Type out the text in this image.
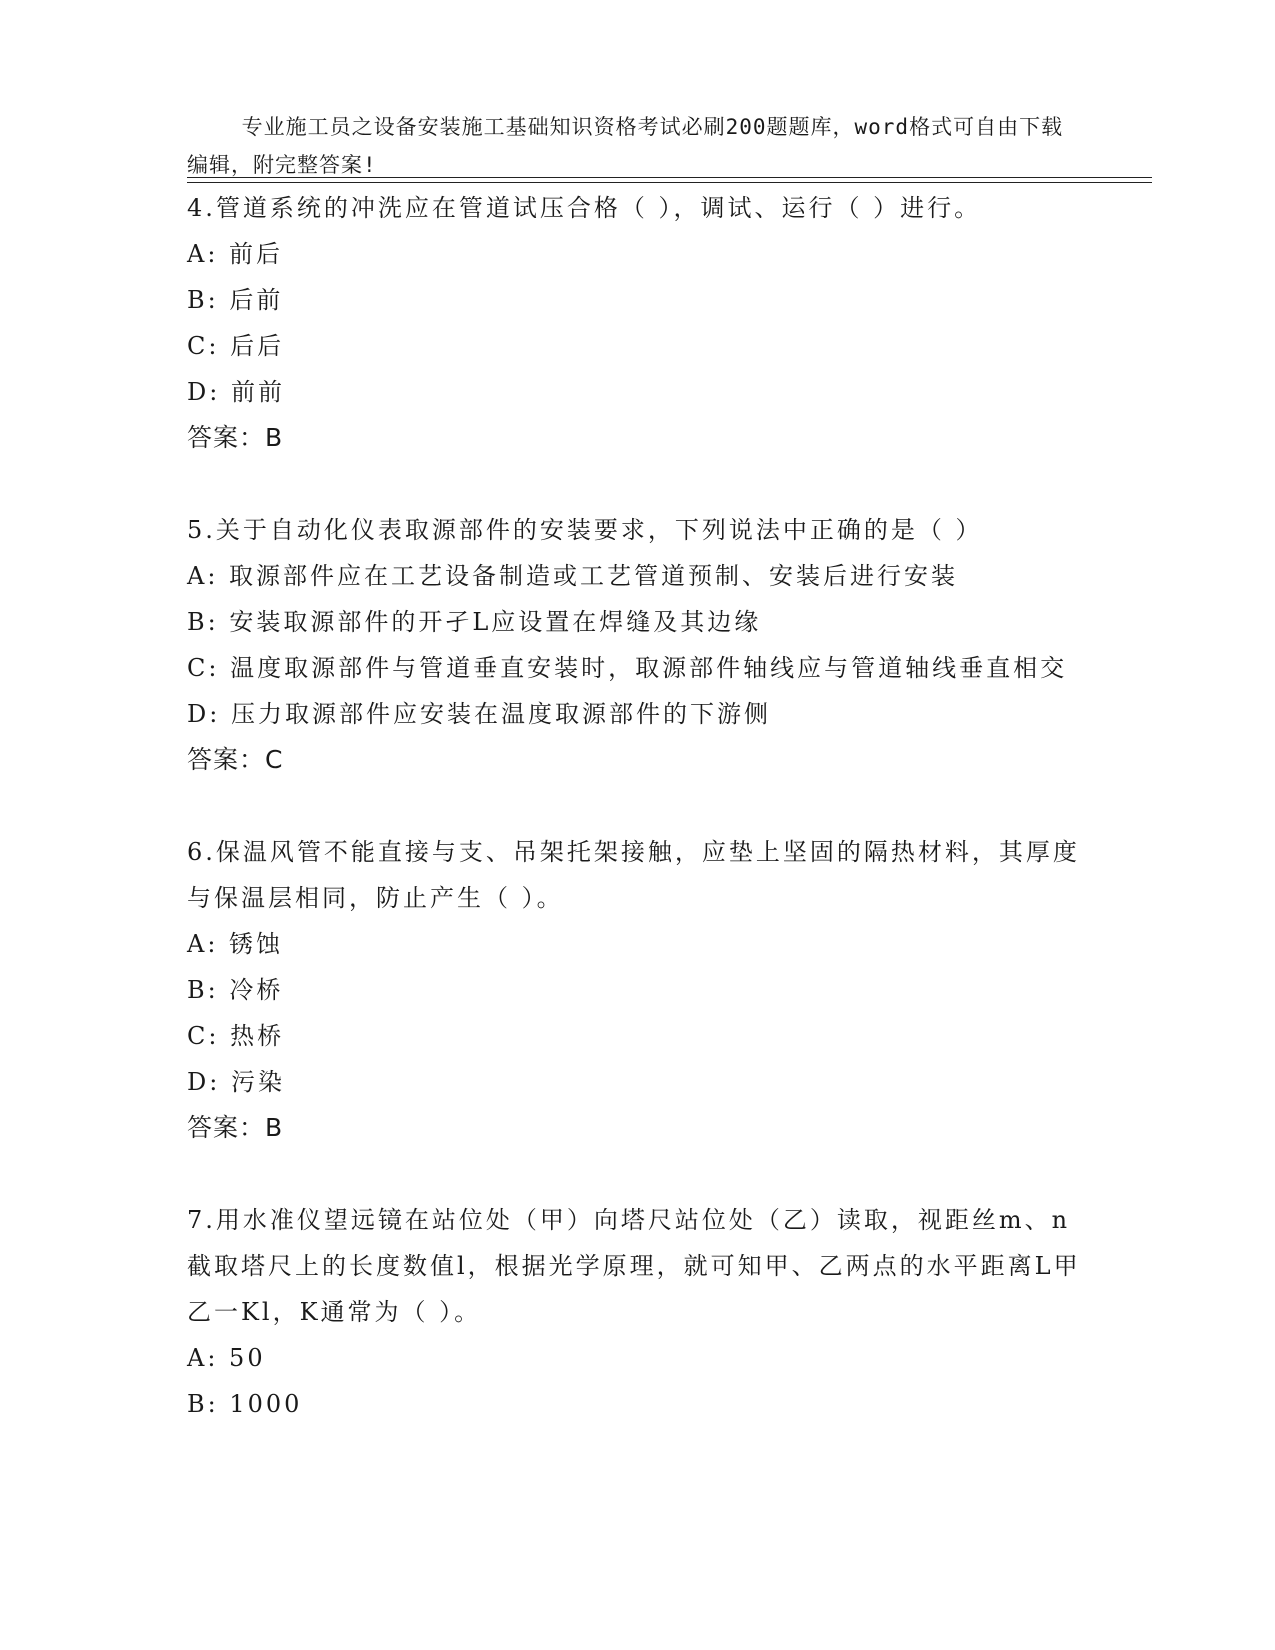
专业施工员之设备安装施工基础知识资格考试必刷200题题库，word格式可自由下载编辑，附完整答案!

4.管道系统的冲洗应在管道试压合格（ ），调试、运行（ ）进行。
A: 前后
B: 后前
C: 后后
D: 前前
答案：B
5.关于自动化仪表取源部件的安装要求，下列说法中正确的是（ ）
A: 取源部件应在工艺设备制造或工艺管道预制、安装后进行安装
B: 安装取源部件的开孑L应设置在焊缝及其边缘
C: 温度取源部件与管道垂直安装时，取源部件轴线应与管道轴线垂直相交
D: 压力取源部件应安装在温度取源部件的下游侧
答案：C
6.保温风管不能直接与支、吊架托架接触，应垫上坚固的隔热材料，其厚度与保温层相同，防止产生（ ）。
A: 锈蚀
B: 冷桥
C: 热桥
D: 污染
答案：B
7.用水准仪望远镜在站位处（甲）向塔尺站位处（乙）读取，视距丝m、n截取塔尺上的长度数值l，根据光学原理，就可知甲、乙两点的水平距离L甲乙一Kl，K通常为（ ）。
A: 50
B: 1000
